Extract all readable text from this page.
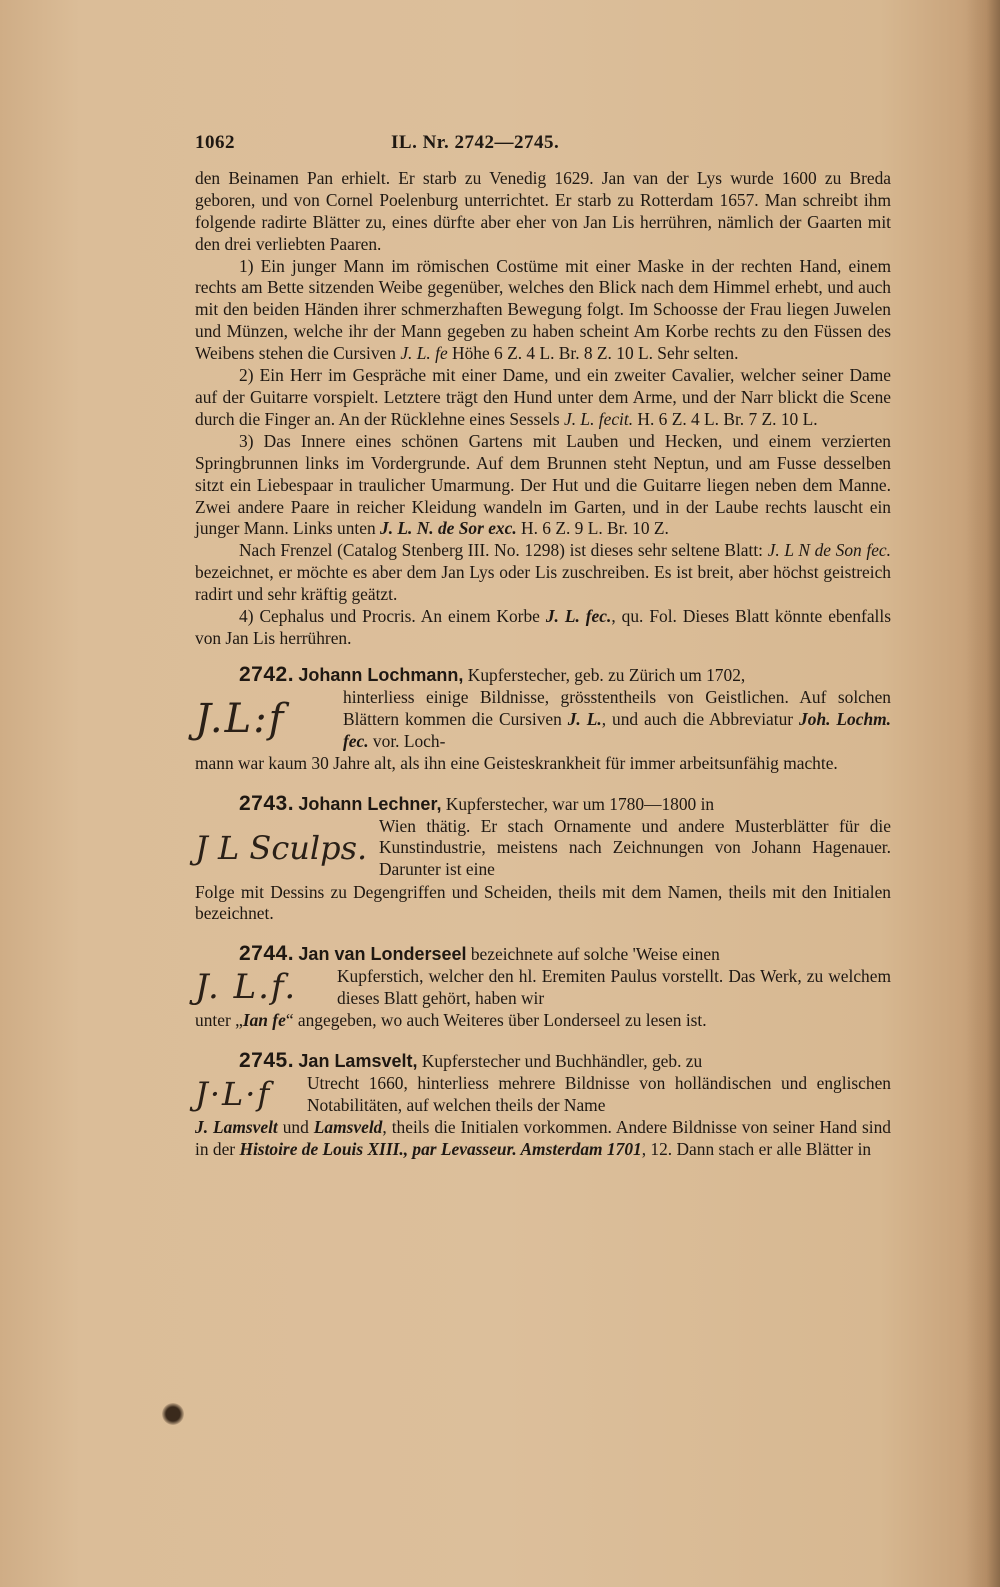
1062	IL. Nr. 2742—2745.

den Beinamen Pan erhielt. Er starb zu Venedig 1629. Jan van der Lys wurde 1600 zu Breda geboren, und von Cornel Poelenburg unterrichtet. Er starb zu Rotterdam 1657. Man schreibt ihm folgende radirte Blätter zu, eines dürfte aber eher von Jan Lis herrühren, nämlich der Gaarten mit den drei verliebten Paaren.

1) Ein junger Mann im römischen Costüme mit einer Maske in der rechten Hand, einem rechts am Bette sitzenden Weibe gegenüber, welches den Blick nach dem Himmel erhebt, und auch mit den beiden Händen ihrer schmerzhaften Bewegung folgt. Im Schoosse der Frau liegen Juwelen und Münzen, welche ihr der Mann gegeben zu haben scheint Am Korbe rechts zu den Füssen des Weibens stehen die Cursiven J. L. fe Höhe 6 Z. 4 L. Br. 8 Z. 10 L. Sehr selten.

2) Ein Herr im Gespräche mit einer Dame, und ein zweiter Cavalier, welcher seiner Dame auf der Guitarre vorspielt. Letztere trägt den Hund unter dem Arme, und der Narr blickt die Scene durch die Finger an. An der Rücklehne eines Sessels J. L. fecit. H. 6 Z. 4 L. Br. 7 Z. 10 L.

3) Das Innere eines schönen Gartens mit Lauben und Hecken, und einem verzierten Springbrunnen links im Vordergrunde. Auf dem Brunnen steht Neptun, und am Fusse desselben sitzt ein Liebespaar in traulicher Umarmung. Der Hut und die Guitarre liegen neben dem Manne. Zwei andere Paare in reicher Kleidung wandeln im Garten, und in der Laube rechts lauscht ein junger Mann. Links unten J. L. N. de Sor exc. H. 6 Z. 9 L. Br. 10 Z.

Nach Frenzel (Catalog Stenberg III. No. 1298) ist dieses sehr seltene Blatt: J. L N de Son fec. bezeichnet, er möchte es aber dem Jan Lys oder Lis zuschreiben. Es ist breit, aber höchst geistreich radirt und sehr kräftig geätzt.

4) Cephalus und Procris. An einem Korbe J. L. fec., qu. Fol. Dieses Blatt könnte ebenfalls von Jan Lis herrühren.

2742. Johann Lochmann, Kupferstecher, geb. zu Zürich um 1702,

J.L:f	hinterliess einige Bildnisse, grösstentheils von Geistlichen. Auf solchen Blättern kommen die Cursiven J. L., und auch die Abbreviatur Joh. Lochm. fec. vor. Loch-

mann war kaum 30 Jahre alt, als ihn eine Geisteskrankheit für immer arbeitsunfähig machte.

2743. Johann Lechner, Kupferstecher, war um 1780—1800 in

J L Sculps.
Wien thätig. Er stach Ornamente und andere Musterblätter für die Kunstindustrie, meistens nach Zeichnungen von Johann Hagenauer. Darunter ist eine

Folge mit Dessins zu Degengriffen und Scheiden, theils mit dem Namen, theils mit den Initialen bezeichnet.

2744. Jan van Londerseel bezeichnete auf solche 'Weise einen

J. L.f.	Kupferstich, welcher den hl. Eremiten Paulus vorstellt. Das Werk, zu welchem dieses Blatt gehört, haben wir

unter „Ian fe“ angegeben, wo auch Weiteres über Londerseel zu lesen ist.

2745. Jan Lamsvelt, Kupferstecher und Buchhändler, geb. zu

J·L·f	Utrecht 1660, hinterliess mehrere Bildnisse von holländischen und englischen Notabilitäten, auf welchen theils der Name

J. Lamsvelt und Lamsveld, theils die Initialen vorkommen. Andere Bildnisse von seiner Hand sind in der Histoire de Louis XIII., par Levasseur. Amsterdam 1701, 12. Dann stach er alle Blätter in
